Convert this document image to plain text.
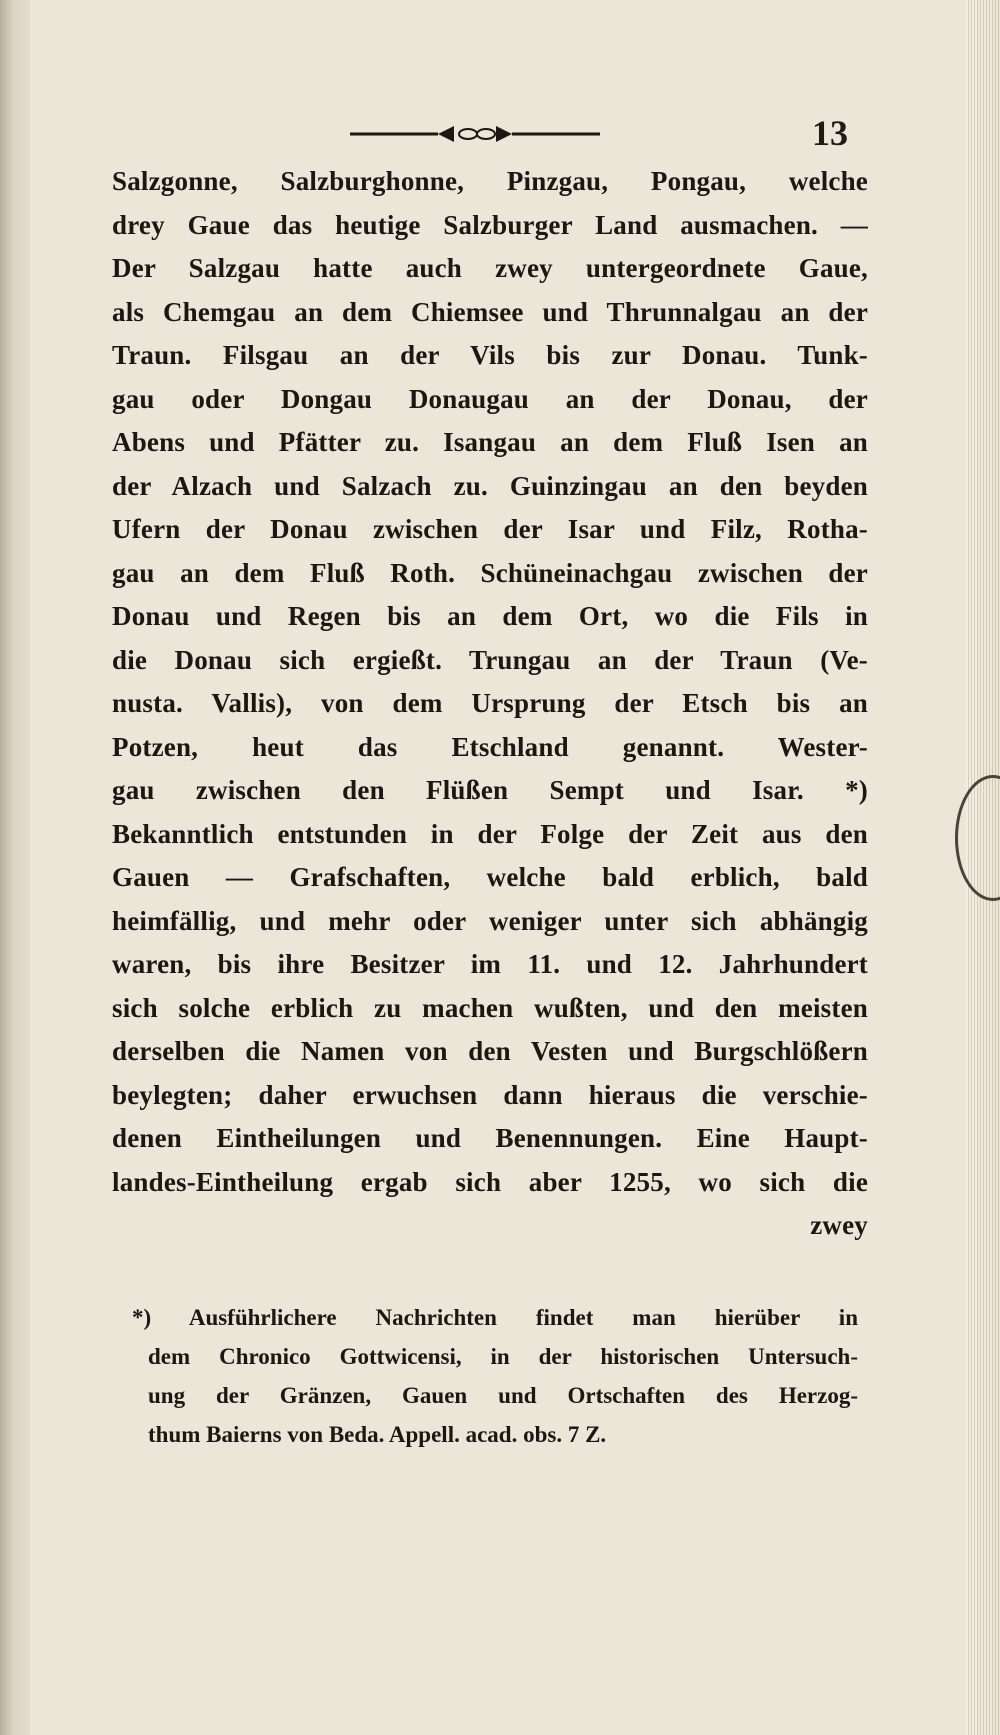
13
Salzgonne, Salzburghonne, Pinzgau, Pongau, welche
drey Gaue das heutige Salzburger Land ausmachen. —
Der Salzgau hatte auch zwey untergeordnete Gaue,
als Chemgau an dem Chiemsee und Thrunnalgau an der
Traun. Filsgau an der Vils bis zur Donau. Tunk-
gau oder Dongau Donaugau an der Donau, der
Abens und Pfätter zu. Isangau an dem Fluß Isen an
der Alzach und Salzach zu. Guinzingau an den beyden
Ufern der Donau zwischen der Isar und Filz, Rotha-
gau an dem Fluß Roth. Schüneinachgau zwischen der
Donau und Regen bis an dem Ort, wo die Fils in
die Donau sich ergießt. Trungau an der Traun (Ve-
nusta. Vallis), von dem Ursprung der Etsch bis an
Potzen, heut das Etschland genannt. Wester-
gau zwischen den Flüßen Sempt und Isar. *)
Bekanntlich entstunden in der Folge der Zeit aus den
Gauen — Grafschaften, welche bald erblich, bald
heimfällig, und mehr oder weniger unter sich abhängig
waren, bis ihre Besitzer im 11. und 12. Jahrhundert
sich solche erblich zu machen wußten, und den meisten
derselben die Namen von den Vesten und Burgschlößern
beylegten; daher erwuchsen dann hieraus die verschie-
denen Eintheilungen und Benennungen. Eine Haupt-
landes-Eintheilung ergab sich aber 1255, wo sich die
zwey
*) Ausführlichere Nachrichten findet man hierüber in
dem Chronico Gottwicensi, in der historischen Untersuch-
ung der Gränzen, Gauen und Ortschaften des Herzog-
thum Baierns von Beda. Appell. acad. obs. 7 Z.
